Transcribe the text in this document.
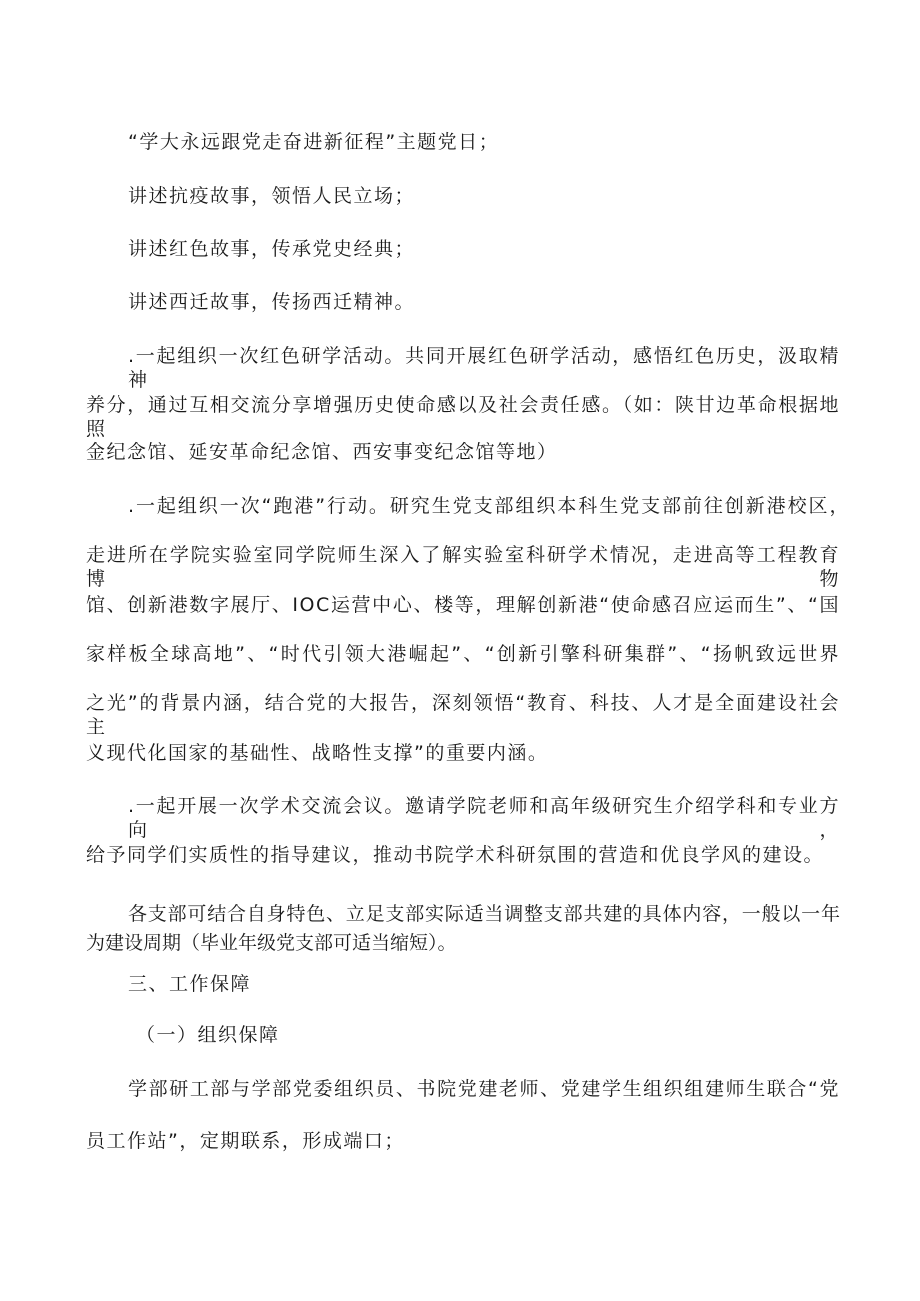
“学大永远跟党走奋进新征程”主题党日；
讲述抗疫故事，领悟人民立场；
讲述红色故事，传承党史经典；
讲述西迁故事，传扬西迁精神。
.一起组织一次红色研学活动。共同开展红色研学活动，感悟红色历史，汲取精神
养分，通过互相交流分享增强历史使命感以及社会责任感。（如：陕甘边革命根据地照
金纪念馆、延安革命纪念馆、西安事变纪念馆等地）
.一起组织一次“跑港”行动。研究生党支部组织本科生党支部前往创新港校区，
走进所在学院实验室同学院师生深入了解实验室科研学术情况，走进高等工程教育博物
馆、创新港数字展厅、IOC运营中心、楼等，理解创新港“使命感召应运而生”、“国
家样板全球高地”、“时代引领大港崛起”、“创新引擎科研集群”、“扬帆致远世界
之光”的背景内涵，结合党的大报告，深刻领悟“教育、科技、人才是全面建设社会主
义现代化国家的基础性、战略性支撑”的重要内涵。
.一起开展一次学术交流会议。邀请学院老师和高年级研究生介绍学科和专业方向，
给予同学们实质性的指导建议，推动书院学术科研氛围的营造和优良学风的建设。
各支部可结合自身特色、立足支部实际适当调整支部共建的具体内容，一般以一年
为建设周期（毕业年级党支部可适当缩短）。
三、工作保障
（一）组织保障
学部研工部与学部党委组织员、书院党建老师、党建学生组织组建师生联合“党
员工作站”，定期联系，形成端口；
